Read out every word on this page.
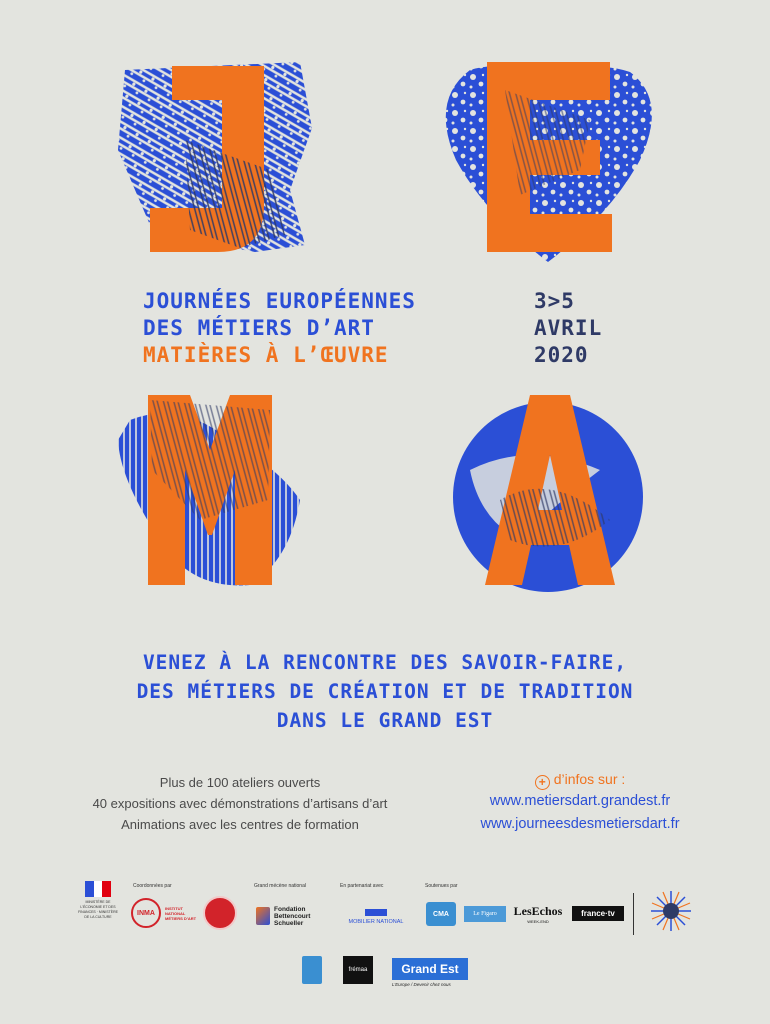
JOURNÉES EUROPÉENNES
DES MÉTIERS D’ART
MATIÈRES À L’ŒUVRE
3>5
AVRIL
2020
VENEZ À LA RENCONTRE DES SAVOIR-FAIRE,
DES MÉTIERS DE CRÉATION ET DE TRADITION
DANS LE GRAND EST
Plus de 100 ateliers ouverts
40 expositions avec démonstrations d’artisans d’art
Animations avec les centres de formation
+ d’infos sur :
www.metiersdart.grandest.fr
www.journeesdesmetiersdart.fr
MINISTÈRE DE L’ÉCONOMIE ET DES FINANCES · MINISTÈRE DE LA CULTURE
Coordonnées par	Grand mécène national	En partenariat avec	Soutenues par
INMA
INSTITUT NATIONAL MÉTIERS D’ART
Fondation Bettencourt Schueller	MOBILIER NATIONAL
CMA	Le Figaro	LesEchos
WEEK-END
france·tv
frémaa	Grand Est
L’Europe / Devenir chez nous
